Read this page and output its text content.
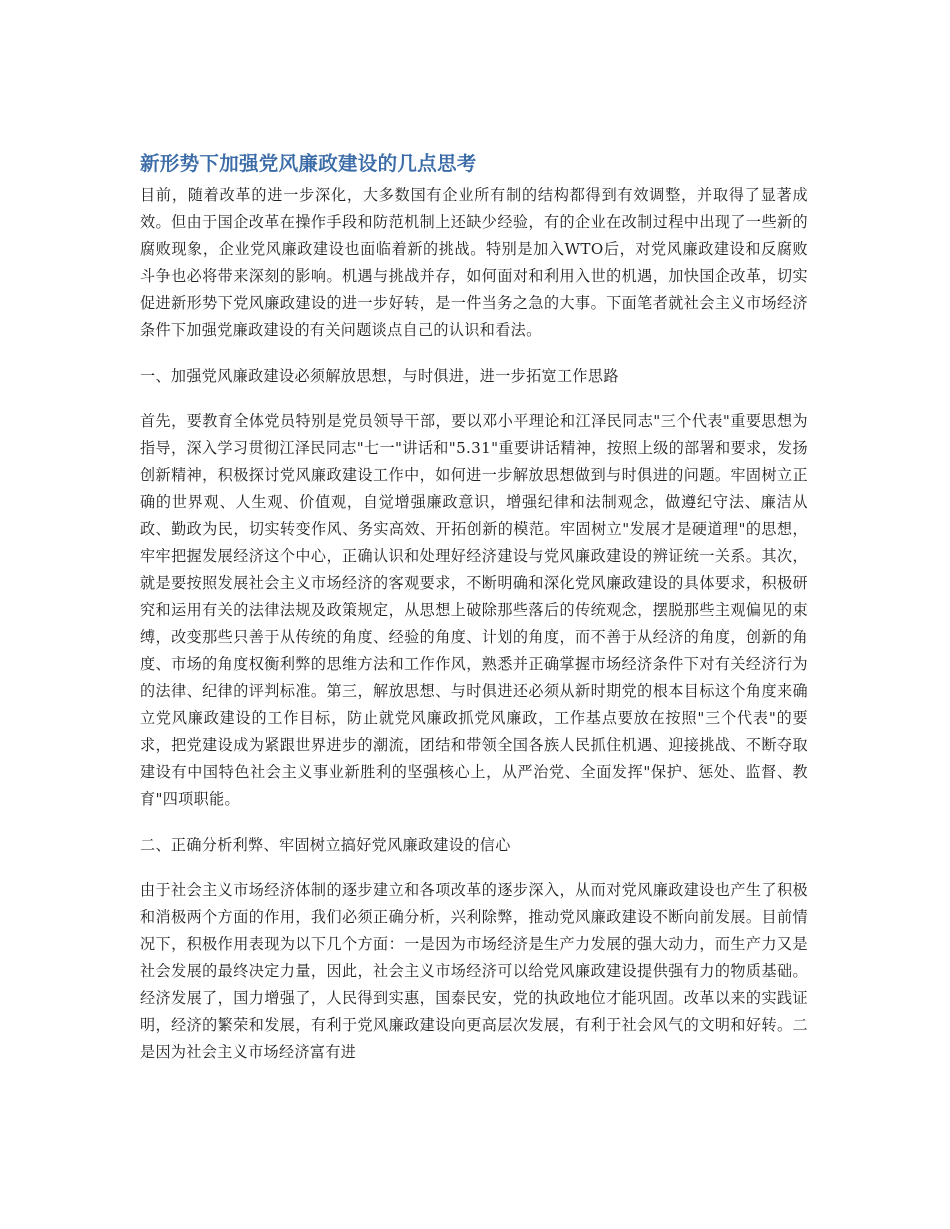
新形势下加强党风廉政建设的几点思考

目前，随着改革的进一步深化，大多数国有企业所有制的结构都得到有效调整，并取得了显著成效。但由于国企改革在操作手段和防范机制上还缺少经验，有的企业在改制过程中出现了一些新的腐败现象，企业党风廉政建设也面临着新的挑战。特别是加入WTO后，对党风廉政建设和反腐败斗争也必将带来深刻的影响。机遇与挑战并存，如何面对和利用入世的机遇，加快国企改革，切实促进新形势下党风廉政建设的进一步好转，是一件当务之急的大事。下面笔者就社会主义市场经济条件下加强党廉政建设的有关问题谈点自己的认识和看法。

一、加强党风廉政建设必须解放思想，与时俱进，进一步拓宽工作思路

首先，要教育全体党员特别是党员领导干部，要以邓小平理论和江泽民同志"三个代表"重要思想为指导，深入学习贯彻江泽民同志"七一"讲话和"5.31"重要讲话精神，按照上级的部署和要求，发扬创新精神，积极探讨党风廉政建设工作中，如何进一步解放思想做到与时俱进的问题。牢固树立正确的世界观、人生观、价值观，自觉增强廉政意识，增强纪律和法制观念，做遵纪守法、廉洁从政、勤政为民，切实转变作风、务实高效、开拓创新的模范。牢固树立"发展才是硬道理"的思想，牢牢把握发展经济这个中心，正确认识和处理好经济建设与党风廉政建设的辨证统一关系。其次，就是要按照发展社会主义市场经济的客观要求，不断明确和深化党风廉政建设的具体要求，积极研究和运用有关的法律法规及政策规定，从思想上破除那些落后的传统观念，摆脱那些主观偏见的束缚，改变那些只善于从传统的角度、经验的角度、计划的角度，而不善于从经济的角度，创新的角度、市场的角度权衡利弊的思维方法和工作作风，熟悉并正确掌握市场经济条件下对有关经济行为的法律、纪律的评判标准。第三，解放思想、与时俱进还必须从新时期党的根本目标这个角度来确立党风廉政建设的工作目标，防止就党风廉政抓党风廉政，工作基点要放在按照"三个代表"的要求，把党建设成为紧跟世界进步的潮流，团结和带领全国各族人民抓住机遇、迎接挑战、不断夺取建设有中国特色社会主义事业新胜利的坚强核心上，从严治党、全面发挥"保护、惩处、监督、教育"四项职能。

二、正确分析利弊、牢固树立搞好党风廉政建设的信心

由于社会主义市场经济体制的逐步建立和各项改革的逐步深入，从而对党风廉政建设也产生了积极和消极两个方面的作用，我们必须正确分析，兴利除弊，推动党风廉政建设不断向前发展。目前情况下，积极作用表现为以下几个方面：一是因为市场经济是生产力发展的强大动力，而生产力又是社会发展的最终决定力量，因此，社会主义市场经济可以给党风廉政建设提供强有力的物质基础。经济发展了，国力增强了，人民得到实惠，国泰民安，党的执政地位才能巩固。改革以来的实践证明，经济的繁荣和发展，有利于党风廉政建设向更高层次发展，有利于社会风气的文明和好转。二是因为社会主义市场经济富有进
